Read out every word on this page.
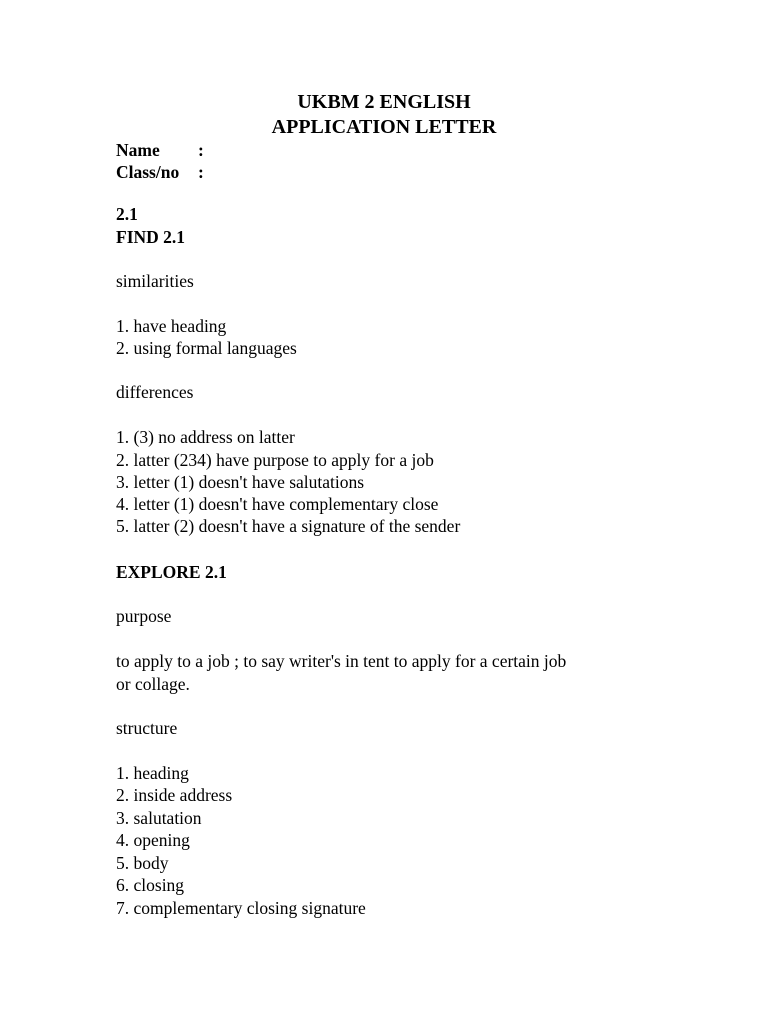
UKBM 2 ENGLISH
APPLICATION LETTER
Name :
Class/no :
2.1
FIND 2.1
similarities
1. have heading
2. using formal languages
differences
1. (3) no address on latter
2. latter (234) have purpose to apply for a job
3. letter (1) doesn't have salutations
4. letter (1) doesn't have complementary close
5. latter (2) doesn't have a signature of the sender
EXPLORE 2.1
purpose
to apply to a job ; to say writer's in tent to apply for a certain job
or collage.
structure
1. heading
2. inside address
3. salutation
4. opening
5. body
6. closing
7. complementary closing signature
